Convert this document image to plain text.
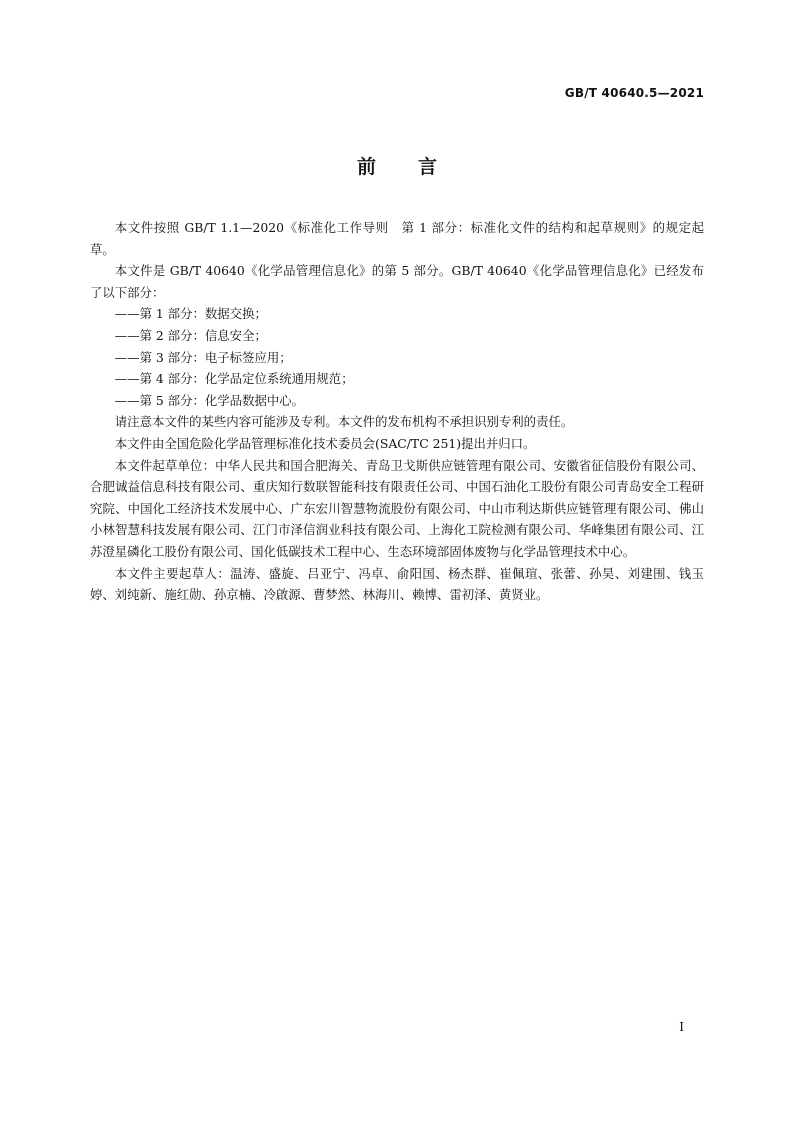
GB/T 40640.5—2021
前言

本文件按照 GB/T 1.1—2020《标准化工作导则　第 1 部分：标准化文件的结构和起草规则》的规定起草。

本文件是 GB/T 40640《化学品管理信息化》的第 5 部分。GB/T 40640《化学品管理信息化》已经发布了以下部分：

——第 1 部分：数据交换；

——第 2 部分：信息安全；

——第 3 部分：电子标签应用；

——第 4 部分：化学品定位系统通用规范；

——第 5 部分：化学品数据中心。

请注意本文件的某些内容可能涉及专利。本文件的发布机构不承担识别专利的责任。

本文件由全国危险化学品管理标准化技术委员会(SAC/TC 251)提出并归口。

本文件起草单位：中华人民共和国合肥海关、青岛卫戈斯供应链管理有限公司、安徽省征信股份有限公司、合肥诚益信息科技有限公司、重庆知行数联智能科技有限责任公司、中国石油化工股份有限公司青岛安全工程研究院、中国化工经济技术发展中心、广东宏川智慧物流股份有限公司、中山市利达斯供应链管理有限公司、佛山小林智慧科技发展有限公司、江门市泽信润业科技有限公司、上海化工院检测有限公司、华峰集团有限公司、江苏澄星磷化工股份有限公司、国化低碳技术工程中心、生态环境部固体废物与化学品管理技术中心。

本文件主要起草人：温涛、盛旋、吕亚宁、冯卓、俞阳国、杨杰群、崔佩瑄、张蕾、孙昊、刘建围、钱玉婷、刘纯新、施红勋、孙京楠、冷啟源、曹梦然、林海川、赖博、雷初泽、黄贤业。

I
